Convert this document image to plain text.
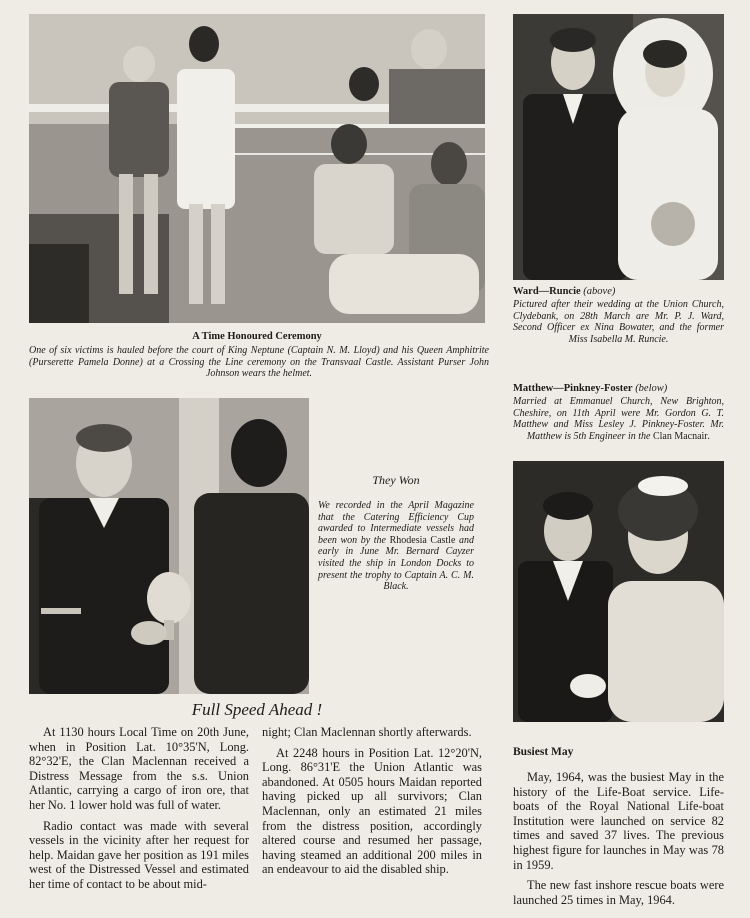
A Time Honoured Ceremony
One of six victims is hauled before the court of King Neptune (Captain N. M. Lloyd) and his Queen Amphitrite (Purserette Pamela Donne) at a Crossing the Line ceremony on the Transvaal Castle. Assistant Purser John Johnson wears the helmet.
Ward—Runcie (above)
Pictured after their wedding at the Union Church, Clydebank, on 28th March are Mr. P. J. Ward, Second Officer ex Nina Bowater, and the former Miss Isabella M. Runcie.
Matthew—Pinkney-Foster (below)
Married at Emmanuel Church, New Brighton, Cheshire, on 11th April were Mr. Gordon G. T. Matthew and Miss Lesley J. Pinkney-Foster. Mr. Matthew is 5th Engineer in the Clan Macnair.
They Won
We recorded in the April Magazine that the Catering Efficiency Cup awarded to Intermediate vessels had been won by the Rhodesia Castle and early in June Mr. Bernard Cayzer visited the ship in London Docks to present the trophy to Captain A. C. M. Black.
Full Speed Ahead !

At 1130 hours Local Time on 20th June, when in Position Lat. 10°35'N, Long. 82°32'E, the Clan Maclennan received a Distress Message from the s.s. Union Atlantic, carrying a cargo of iron ore, that her No. 1 lower hold was full of water.

Radio contact was made with several vessels in the vicinity after her request for help. Maidan gave her position as 191 miles west of the Distressed Vessel and estimated her time of contact to be about mid-

night; Clan Maclennan shortly afterwards.

At 2248 hours in Position Lat. 12°20'N, Long. 86°31'E the Union Atlantic was abandoned. At 0505 hours Maidan reported having picked up all survivors; Clan Maclennan, only an estimated 21 miles from the distress position, accordingly altered course and resumed her passage, having steamed an additional 200 miles in an endeavour to aid the disabled ship.

Busiest May

May, 1964, was the busiest May in the history of the Life-Boat service. Life-boats of the Royal National Life-boat Institution were launched on service 82 times and saved 37 lives. The previous highest figure for launches in May was 78 in 1959.

The new fast inshore rescue boats were launched 25 times in May, 1964.
